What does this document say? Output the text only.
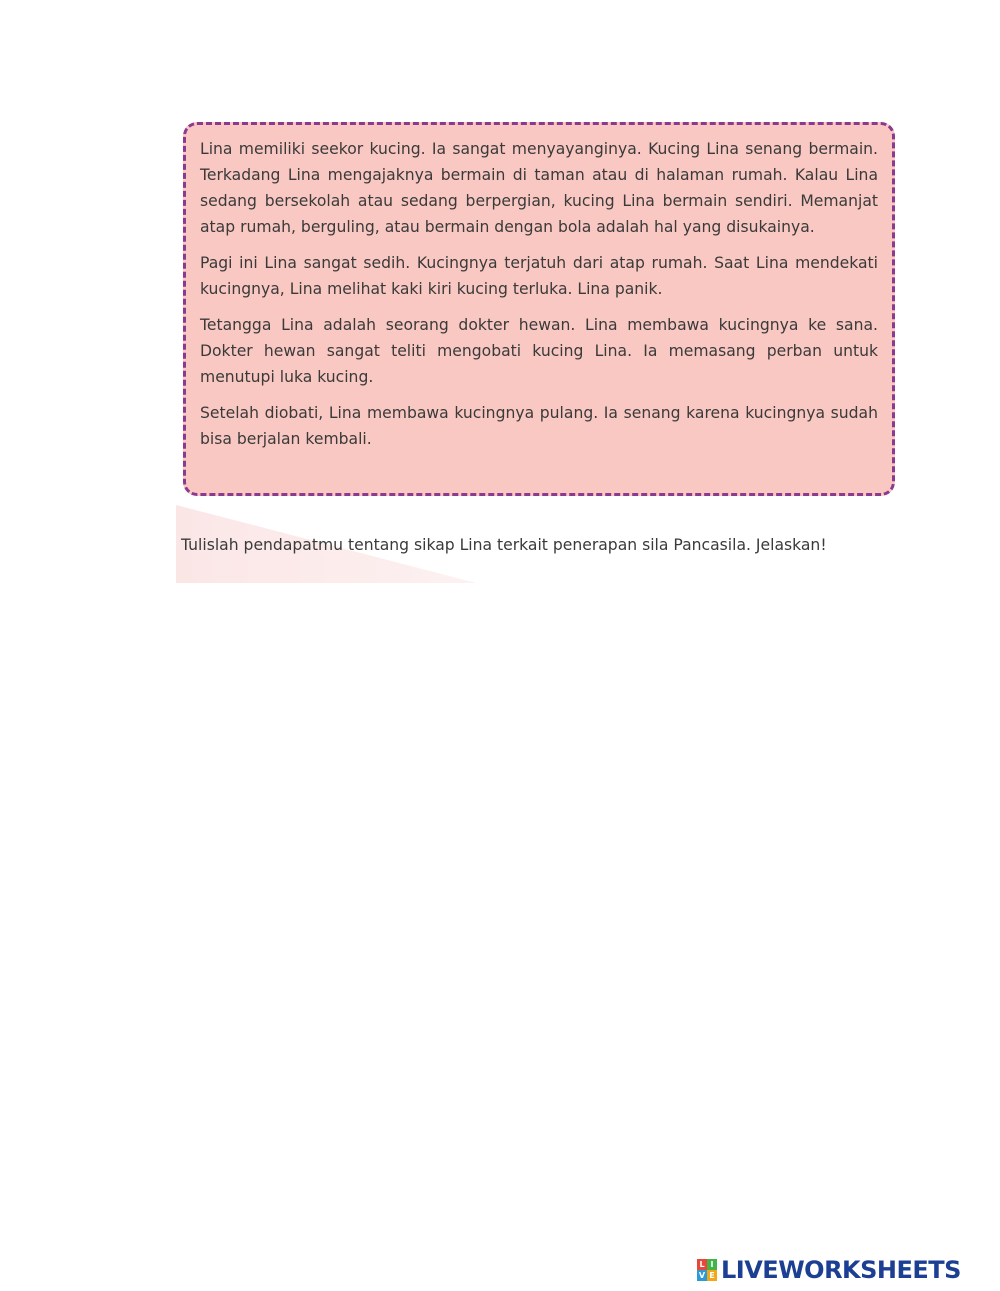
Lina memiliki seekor kucing. Ia sangat menyayanginya. Kucing Lina senang bermain. Terkadang Lina mengajaknya bermain di taman atau di halaman rumah. Kalau Lina sedang bersekolah atau sedang berpergian, kucing Lina bermain sendiri. Memanjat atap rumah, berguling, atau bermain dengan bola adalah hal yang disukainya.

Pagi ini Lina sangat sedih. Kucingnya terjatuh dari atap rumah. Saat Lina mendekati kucingnya, Lina melihat kaki kiri kucing terluka. Lina panik.

Tetangga Lina adalah seorang dokter hewan. Lina membawa kucingnya ke sana. Dokter hewan sangat teliti mengobati kucing Lina. Ia memasang perban untuk menutupi luka kucing.

Setelah diobati, Lina membawa kucingnya pulang. Ia senang karena kucingnya sudah bisa berjalan kembali.

Tulislah pendapatmu tentang sikap Lina terkait penerapan sila Pancasila. Jelaskan!

L I
V E LIVEWORKSHEETS
